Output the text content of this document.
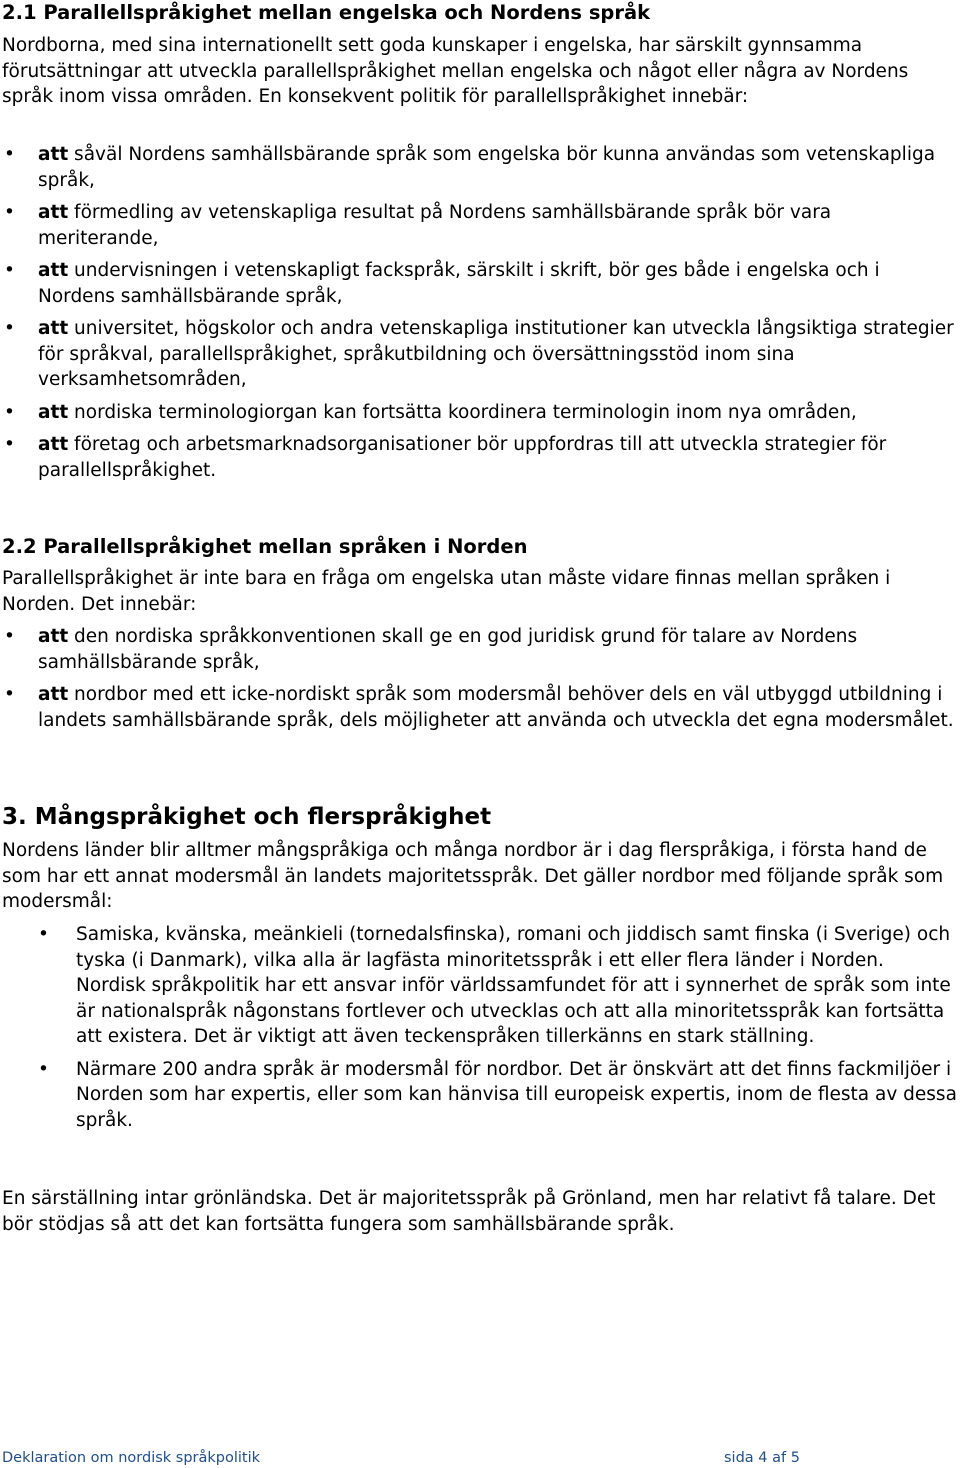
2.1 Parallellspråkighet mellan engelska och Nordens språk

Nordborna, med sina internationellt sett goda kunskaper i engelska, har särskilt gynnsamma förutsättningar att utveckla parallellspråkighet mellan engelska och något eller några av Nordens språk inom vissa områden. En konsekvent politik för parallellspråkighet innebär:

• att såväl Nordens samhällsbärande språk som engelska bör kunna användas som vetenskapliga språk,
• att förmedling av vetenskapliga resultat på Nordens samhällsbärande språk bör vara meriterande,
• att undervisningen i vetenskapligt fackspråk, särskilt i skrift, bör ges både i engelska och i Nordens samhällsbärande språk,
• att universitet, högskolor och andra vetenskapliga institutioner kan utveckla långsiktiga strategier för språkval, parallellspråkighet, språkutbildning och översättningsstöd inom sina verksamhetsområden,
• att nordiska terminologiorgan kan fortsätta koordinera terminologin inom nya områden,
• att företag och arbetsmarknadsorganisationer bör uppfordras till att utveckla strategier för parallellspråkighet.
2.2 Parallellspråkighet mellan språken i Norden

Parallellspråkighet är inte bara en fråga om engelska utan måste vidare finnas mellan språken i Norden. Det innebär:

• att den nordiska språkkonventionen skall ge en god juridisk grund för talare av Nordens samhällsbärande språk,
• att nordbor med ett icke-nordiskt språk som modersmål behöver dels en väl utbyggd utbildning i landets samhällsbärande språk, dels möjligheter att använda och utveckla det egna modersmålet.
3. Mångspråkighet och flerspråkighet

Nordens länder blir alltmer mångspråkiga och många nordbor är i dag flerspråkiga, i första hand de som har ett annat modersmål än landets majoritetsspråk. Det gäller nordbor med följande språk som modersmål:

• Samiska, kvänska, meänkieli (tornedalsfinska), romani och jiddisch samt finska (i Sverige) och tyska (i Danmark), vilka alla är lagfästa minoritetsspråk i ett eller flera länder i Norden. Nordisk språkpolitik har ett ansvar inför världssamfundet för att i synnerhet de språk som inte är nationalspråk någonstans fortlever och utvecklas och att alla minoritetsspråk kan fortsätta att existera. Det är viktigt att även teckenspråken tillerkänns en stark ställning.
• Närmare 200 andra språk är modersmål för nordbor. Det är önskvärt att det finns fackmiljöer i Norden som har expertis, eller som kan hänvisa till europeisk expertis, inom de flesta av dessa språk.

En särställning intar grönländska. Det är majoritetsspråk på Grönland, men har relativt få talare. Det bör stödjas så att det kan fortsätta fungera som samhällsbärande språk.

Deklaration om nordisk språkpolitik	sida 4 af 5
